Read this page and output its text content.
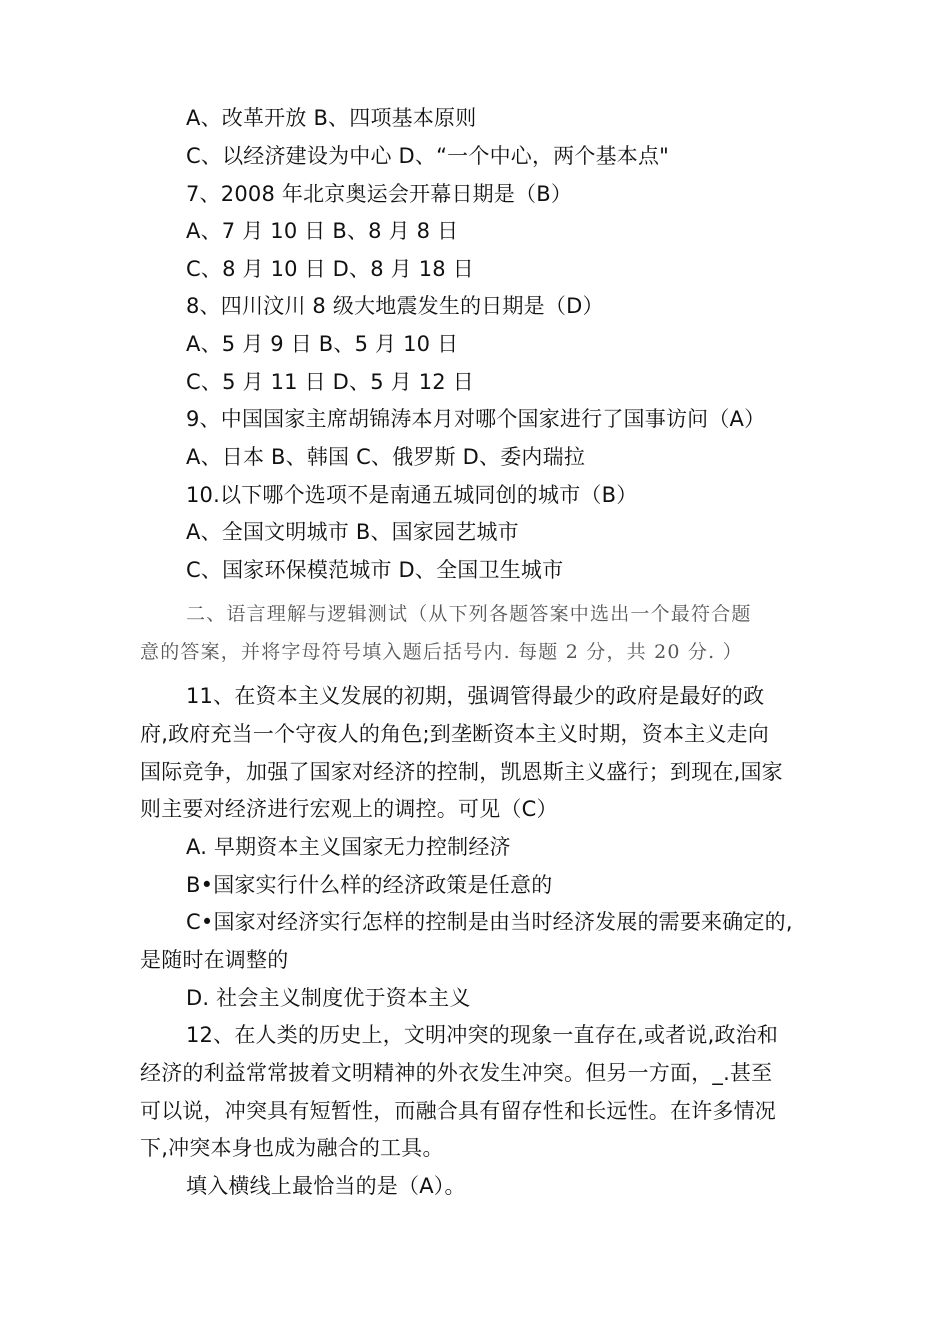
A、改革开放 B、四项基本原则
C、以经济建设为中心 D、“一个中心，两个基本点"
7、2008 年北京奥运会开幕日期是（B）
A、7 月 10 日 B、8 月 8 日
C、8 月 10 日 D、8 月 18 日
8、四川汶川 8 级大地震发生的日期是（D）
A、5 月 9 日 B、5 月 10 日
C、5 月 11 日 D、5 月 12 日
9、中国国家主席胡锦涛本月对哪个国家进行了国事访问（A）
A、日本 B、韩国 C、俄罗斯 D、委内瑞拉
10.以下哪个选项不是南通五城同创的城市（B）
A、全国文明城市 B、国家园艺城市
C、国家环保模范城市 D、全国卫生城市
二、语言理解与逻辑测试（从下列各题答案中选出一个最符合题
意的答案，并将字母符号填入题后括号内. 每题 2 分，共 20 分. ）
11、在资本主义发展的初期，强调管得最少的政府是最好的政
府,政府充当一个守夜人的角色;到垄断资本主义时期，资本主义走向
国际竞争，加强了国家对经济的控制，凯恩斯主义盛行；到现在,国家
则主要对经济进行宏观上的调控。可见（C）
A. 早期资本主义国家无力控制经济
B•国家实行什么样的经济政策是任意的
C•国家对经济实行怎样的控制是由当时经济发展的需要来确定的,
是随时在调整的
D. 社会主义制度优于资本主义
12、在人类的历史上，文明冲突的现象一直存在,或者说,政治和
经济的利益常常披着文明精神的外衣发生冲突。但另一方面，_.甚至
可以说，冲突具有短暂性，而融合具有留存性和长远性。在许多情况
下,冲突本身也成为融合的工具。
填入横线上最恰当的是（A）。
